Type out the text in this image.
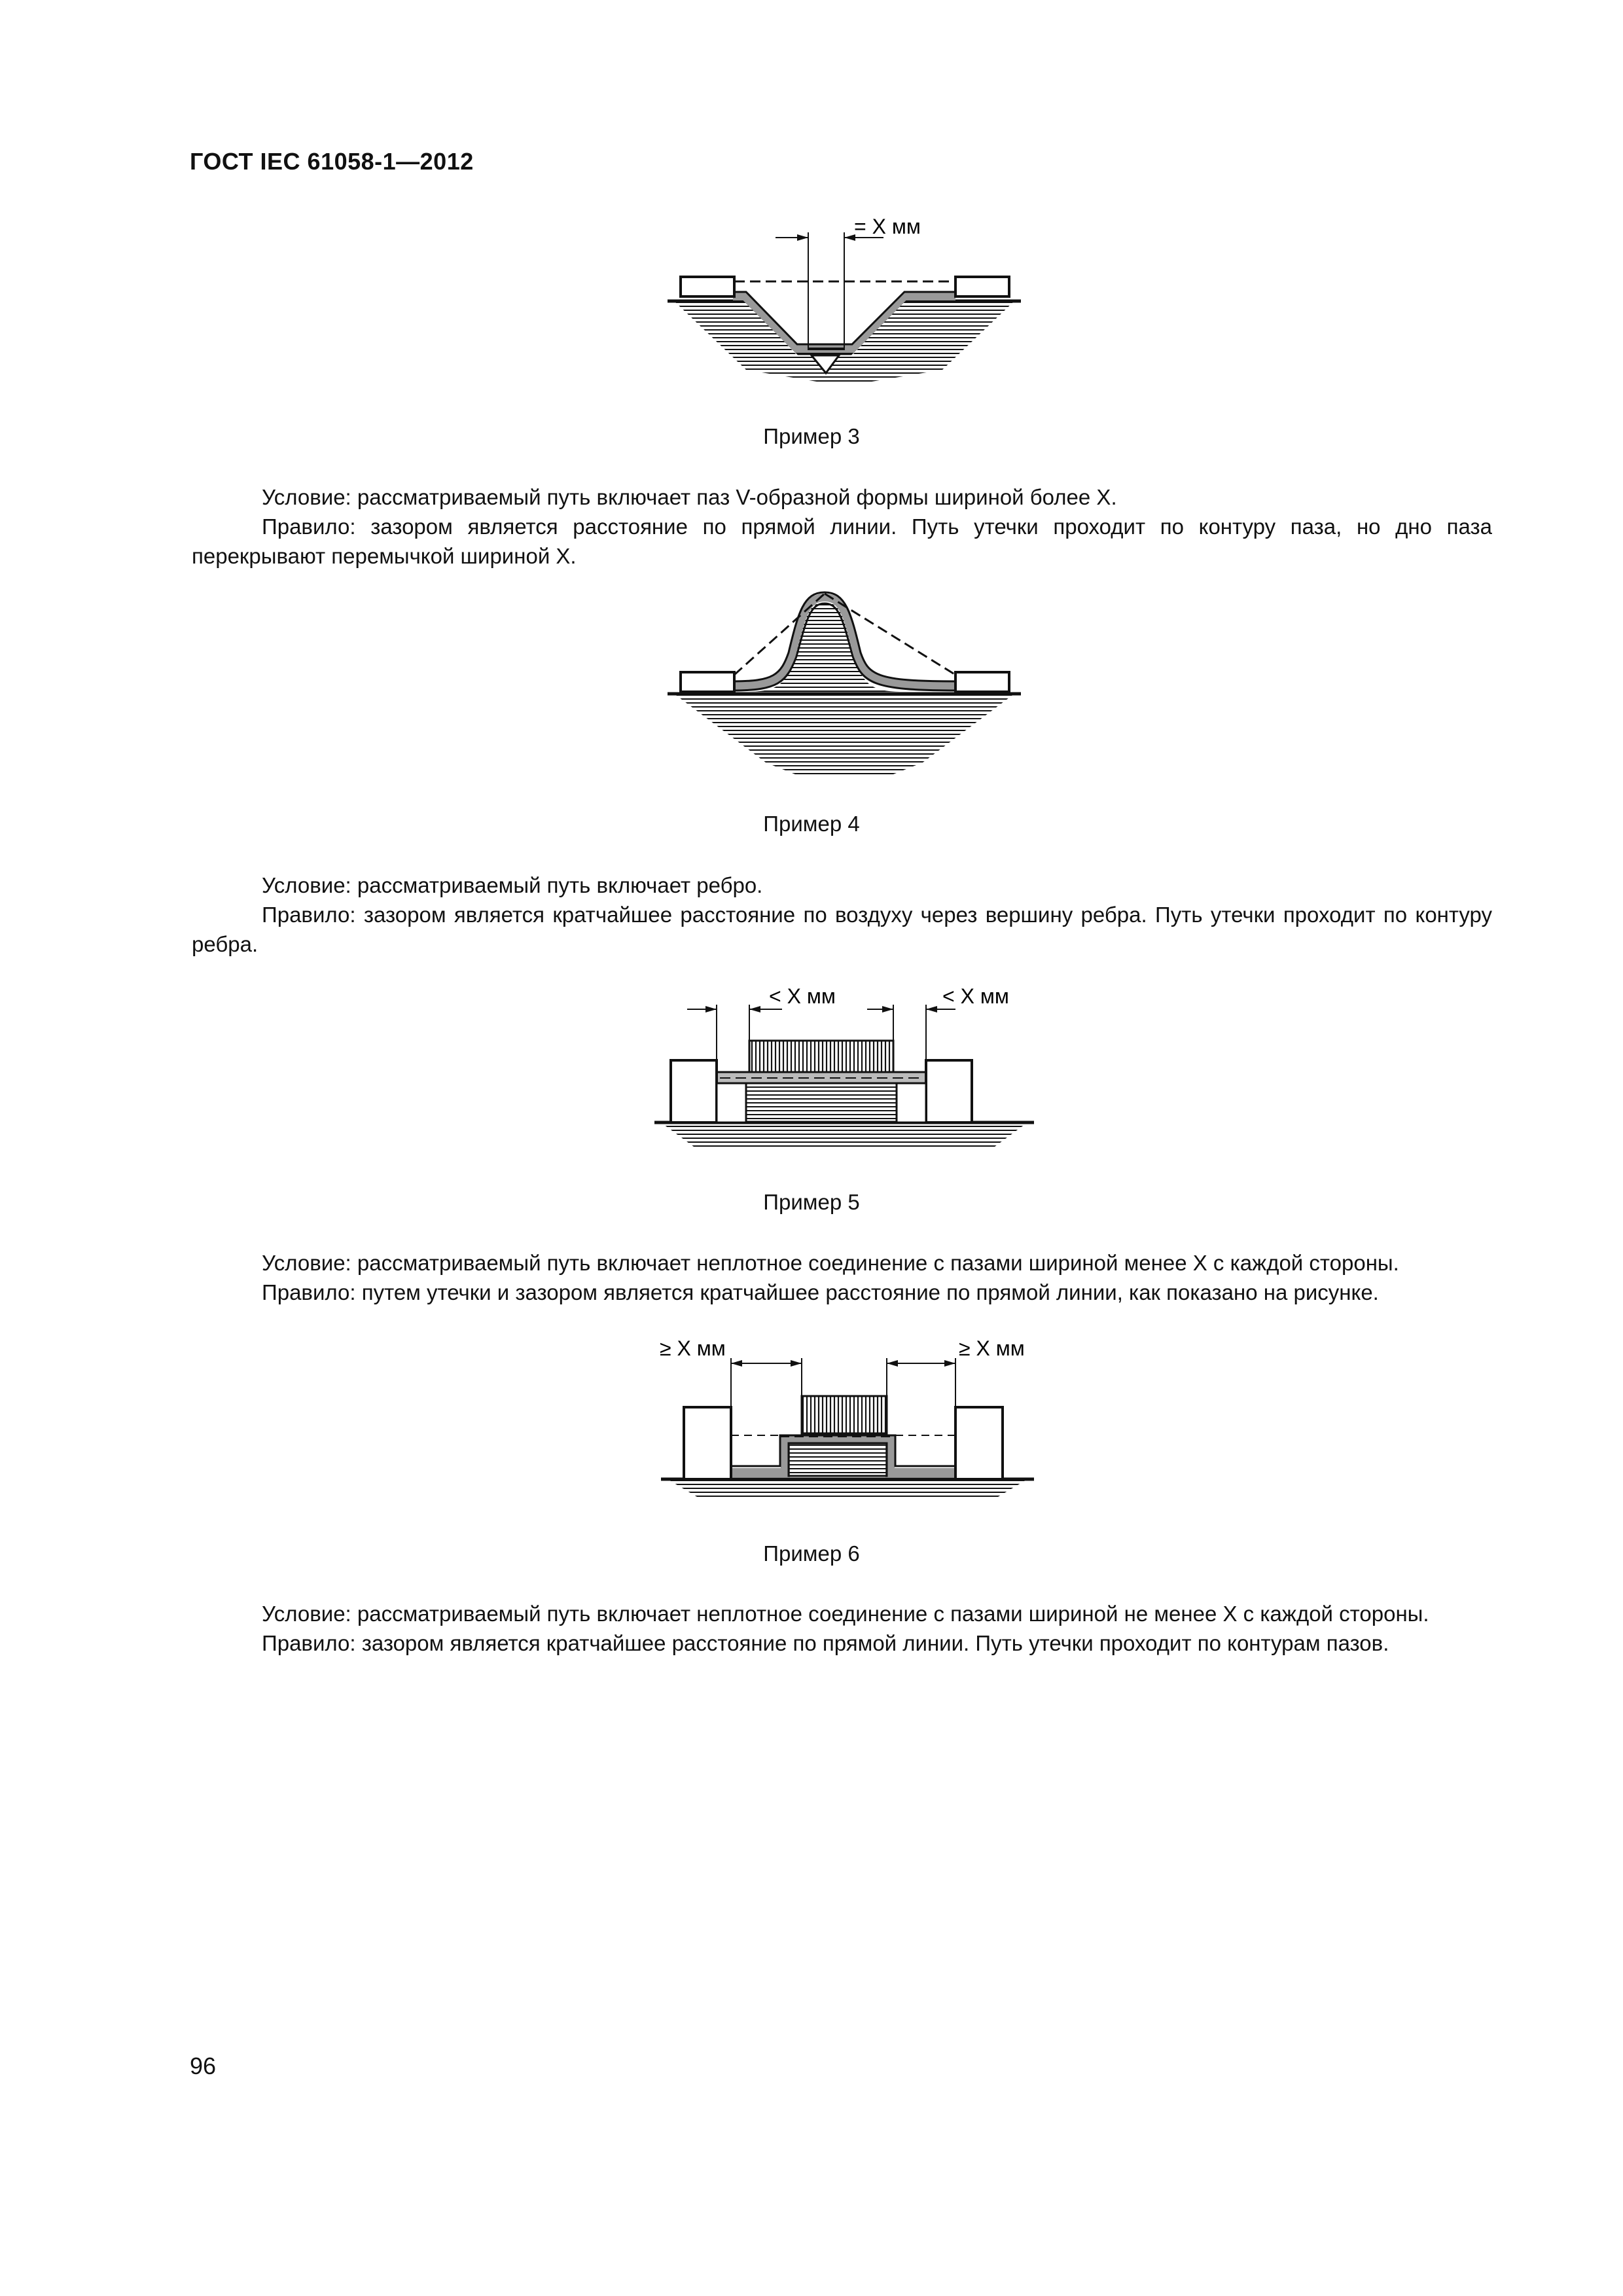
ГОСТ IEC 61058-1—2012
= X мм
Пример 3

Условие: рассматриваемый путь включает паз V-образной формы шириной более X.

Правило: зазором является расстояние по прямой линии. Путь утечки проходит по контуру паза, но дно паза перекрывают перемычкой шириной X.

Пример 4

Условие: рассматриваемый путь включает ребро.

Правило: зазором является кратчайшее расстояние по воздуху через вершину ребра. Путь утечки проходит по контуру ребра.

< X мм	< X мм
Пример 5

Условие: рассматриваемый путь включает неплотное соединение с пазами шириной менее X с каждой стороны.

Правило: путем утечки и зазором является кратчайшее расстояние по прямой линии, как показано на рисунке.

≥ X мм	≥ X мм
Пример 6

Условие: рассматриваемый путь включает неплотное соединение с пазами шириной не менее X с каждой стороны.

Правило: зазором является кратчайшее расстояние по прямой линии. Путь утечки проходит по контурам пазов.

96
